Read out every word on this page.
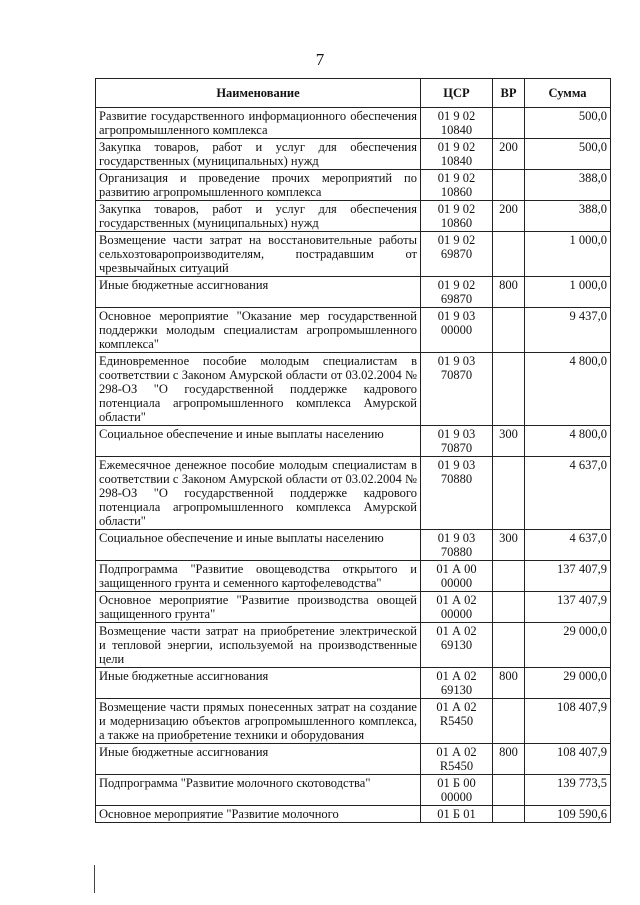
7
Наименование	ЦСР	ВР	Сумма
Развитие государственного информационного обеспечения агропромышленного комплекса	01 9 02 10840		500,0
Закупка товаров, работ и услуг для обеспечения государственных (муниципальных) нужд	01 9 02 10840	200	500,0
Организация и проведение прочих мероприятий по развитию агропромышленного комплекса	01 9 02 10860		388,0
Закупка товаров, работ и услуг для обеспечения государственных (муниципальных) нужд	01 9 02 10860	200	388,0
Возмещение части затрат на восстановительные работы сельхозтоваропроизводителям, пострадавшим от чрезвычайных ситуаций	01 9 02 69870		1 000,0
Иные бюджетные ассигнования	01 9 02 69870	800	1 000,0
Основное мероприятие "Оказание мер государственной поддержки молодым специалистам агропромышленного комплекса"	01 9 03 00000		9 437,0
Единовременное пособие молодым специалистам в соответствии с Законом Амурской области от 03.02.2004 № 298-ОЗ "О государственной поддержке кадрового потенциала агропромышленного комплекса Амурской области"	01 9 03 70870		4 800,0
Социальное обеспечение и иные выплаты населению	01 9 03 70870	300	4 800,0
Ежемесячное денежное пособие молодым специалистам в соответствии с Законом Амурской области от 03.02.2004 № 298-ОЗ "О государственной поддержке кадрового потенциала агропромышленного комплекса Амурской области"	01 9 03 70880		4 637,0
Социальное обеспечение и иные выплаты населению	01 9 03 70880	300	4 637,0
Подпрограмма "Развитие овощеводства открытого и защищенного грунта и семенного картофелеводства"	01 А 00 00000		137 407,9
Основное мероприятие "Развитие производства овощей защищенного грунта"	01 А 02 00000		137 407,9
Возмещение части затрат на приобретение электрической и тепловой энергии, используемой на производственные цели	01 А 02 69130		29 000,0
Иные бюджетные ассигнования	01 А 02 69130	800	29 000,0
Возмещение части прямых понесенных затрат на создание и модернизацию объектов агропромышленного комплекса, а также на приобретение техники и оборудования	01 А 02 R5450		108 407,9
Иные бюджетные ассигнования	01 А 02 R5450	800	108 407,9
Подпрограмма "Развитие молочного скотоводства"	01 Б 00 00000		139 773,5
Основное мероприятие "Развитие молочного	01 Б 01		109 590,6
